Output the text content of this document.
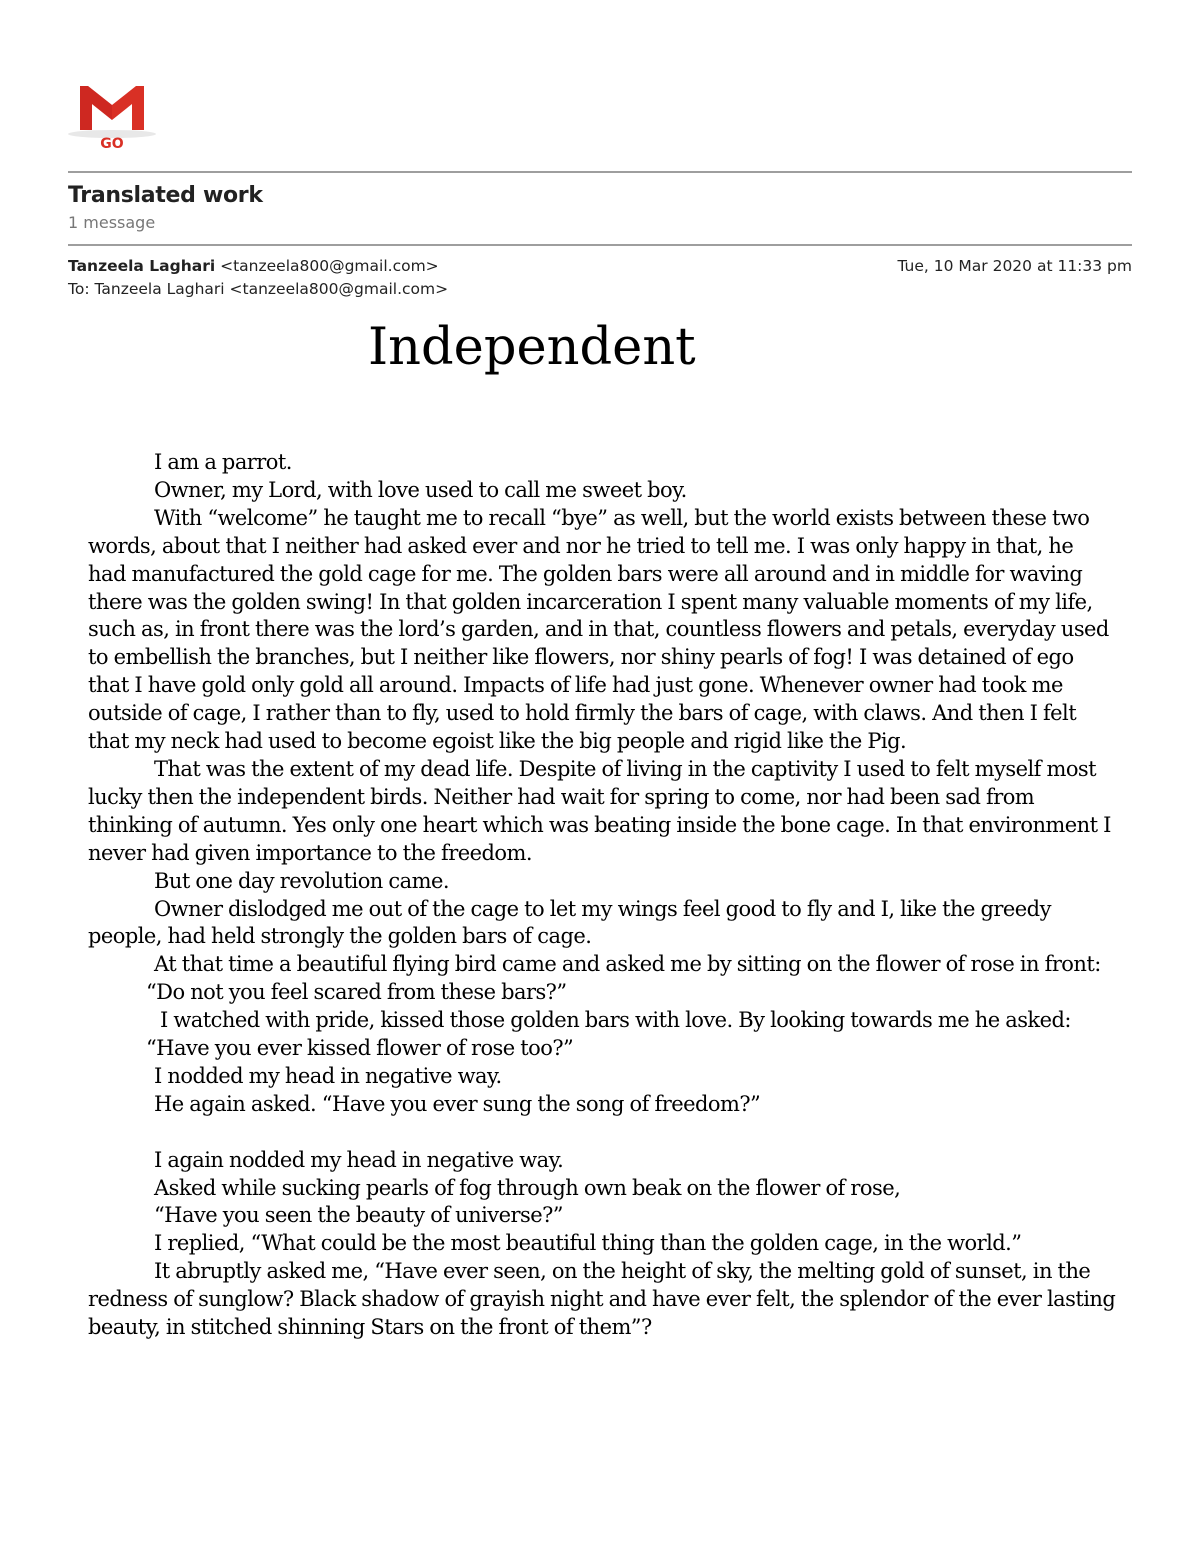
GO
Translated work
1 message
Tanzeela Laghari <tanzeela800@gmail.com>	Tue, 10 Mar 2020 at 11:33 pm
To: Tanzeela Laghari <tanzeela800@gmail.com>
Independent

I am a parrot.

Owner, my Lord, with love used to call me sweet boy.

With “welcome” he taught me to recall “bye” as well, but the world exists between these two words, about that I neither had asked ever and nor he tried to tell me. I was only happy in that, he had manufactured the gold cage for me. The golden bars were all around and in middle for waving there was the golden swing! In that golden incarceration I spent many valuable moments of my life, such as, in front there was the lord’s garden, and in that, countless flowers and petals, everyday used to embellish the branches, but I neither like flowers, nor shiny pearls of fog! I was detained of ego that I have gold only gold all around. Impacts of life had just gone. Whenever owner had took me outside of cage, I rather than to fly, used to hold firmly the bars of cage, with claws. And then I felt that my neck had used to become egoist like the big people and rigid like the Pig.

That was the extent of my dead life. Despite of living in the captivity I used to felt myself most lucky then the independent birds. Neither had wait for spring to come, nor had been sad from thinking of autumn. Yes only one heart which was beating inside the bone cage. In that environment I never had given importance to the freedom.

But one day revolution came.

Owner dislodged me out of the cage to let my wings feel good to fly and I, like the greedy people, had held strongly the golden bars of cage.

At that time a beautiful flying bird came and asked me by sitting on the flower of rose in front:

“Do not you feel scared from these bars?”

I watched with pride, kissed those golden bars with love. By looking towards me he asked:

“Have you ever kissed flower of rose too?”

I nodded my head in negative way.

He again asked. “Have you ever sung the song of freedom?”

I again nodded my head in negative way.

Asked while sucking pearls of fog through own beak on the flower of rose,

“Have you seen the beauty of universe?”

I replied, “What could be the most beautiful thing than the golden cage, in the world.”

It abruptly asked me, “Have ever seen, on the height of sky, the melting gold of sunset, in the redness of sunglow? Black shadow of grayish night and have ever felt, the splendor of the ever lasting beauty, in stitched shinning Stars on the front of them”?
